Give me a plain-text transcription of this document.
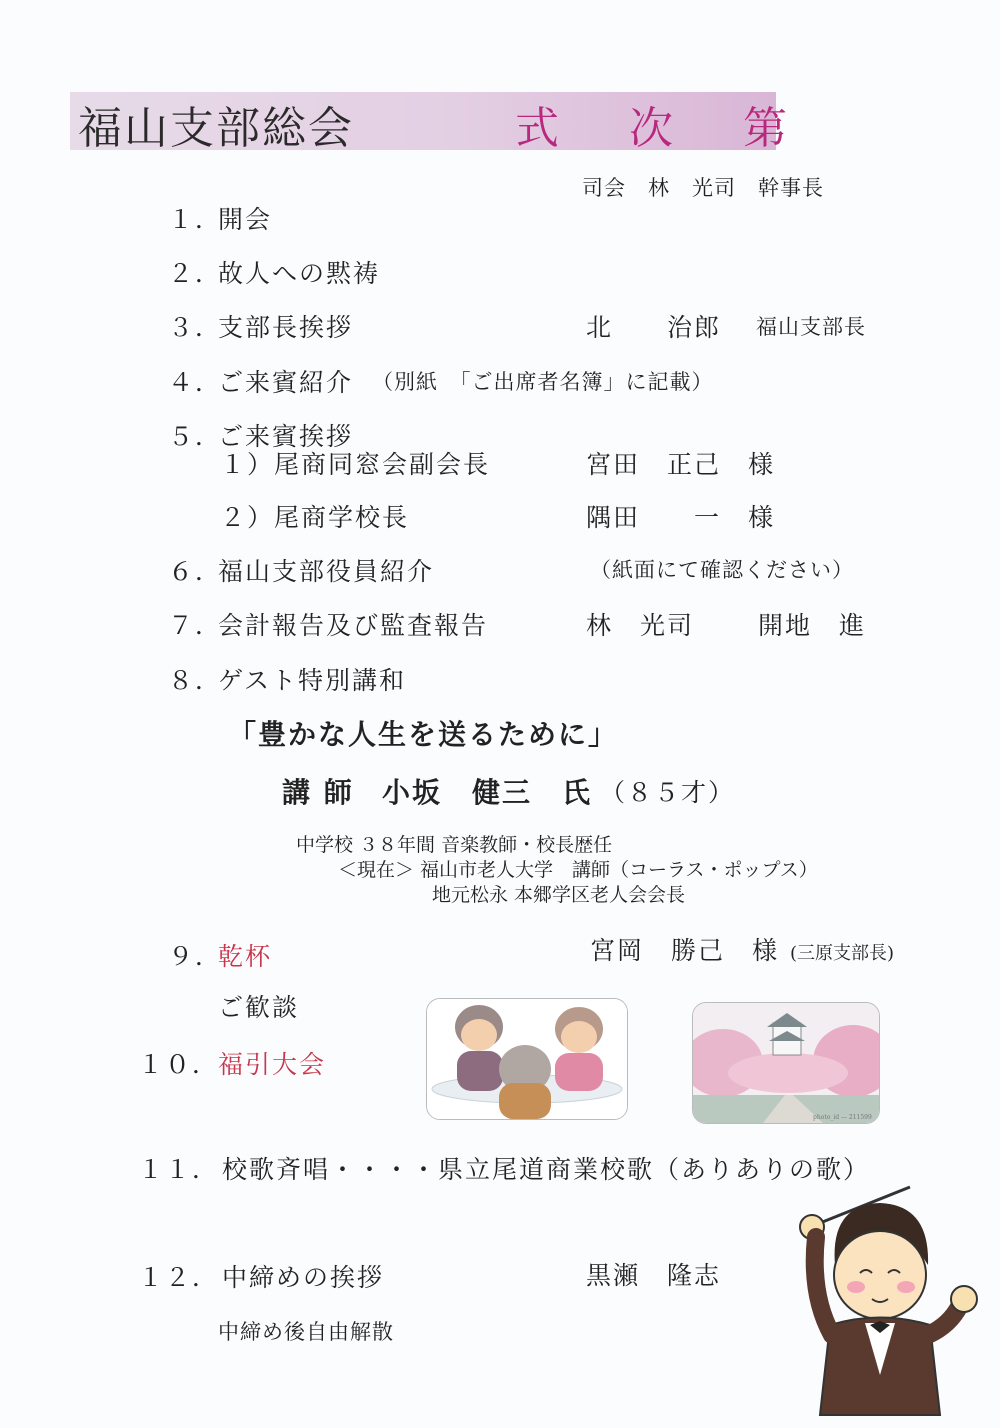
福山支部総会	式 次 第
司会　林　光司　幹事長
１．
開会
２．
故人への黙祷
３．
支部長挨拶	北　　治郎 福山支部長
４．
ご来賓紹介 （別紙　「ご出席者名簿」に記載）
５．
ご来賓挨拶
１）尾商同窓会副会長	宮田　正己　様
２）尾商学校長	隅田　　一　様
６．
福山支部役員紹介	（紙面にて確認ください）
７．
会計報告及び監査報告	林　光司	開地　進
８．
ゲスト特別講和
「豊かな人生を送るために」
講 師 小坂　健三　氏 （８５才）
中学校 ３８年間 音楽教師・校長歴任
＜現在＞ 福山市老人大学　講師（コーラス・ポップス）
地元松永 本郷学区老人会会長
９．
乾杯	宮岡　勝己　様 (三原支部長)
ご歓談
１０．
福引大会
photo_id — 211599
１１． 校歌斉唱・・・・県立尾道商業校歌（ありありの歌）
１２． 中締めの挨拶	黒瀬　隆志
中締め後自由解散
